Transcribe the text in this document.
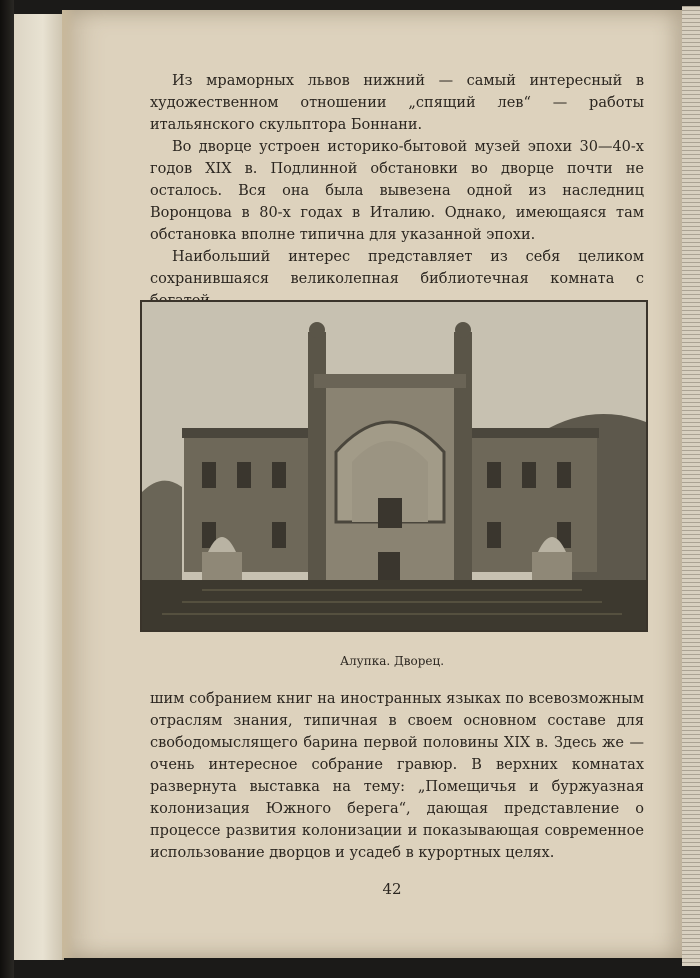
Из мраморных львов нижний — самый интересный в художественном отношении „спящий лев“ — работы итальянского скульптора Боннани.

Во дворце устроен историко-бытовой музей эпохи 30—40-х годов XIX в. Подлинной обстановки во дворце почти не осталось. Вся она была вывезена одной из наследниц Воронцова в 80-х годах в Италию. Однако, имеющаяся там обстановка вполне типична для указанной эпохи.

Наибольший интерес представляет из себя целиком сохранившаяся великолепная библиотечная комната с

Алупка. Дворец.

шим собранием книг на иностранных языках по всевозможным отраслям знания, типичная в своем основном составе для свободомыслящего барина первой половины XIX в. Здесь же — очень интересное собрание гравюр. В верхних комнатах развернута выставка на тему: „Помещичья и буржуазная колонизация Южного берега“, дающая представление о процессе развития колонизации и показывающая современное использование дворцов и усадеб в курортных целях.

42
